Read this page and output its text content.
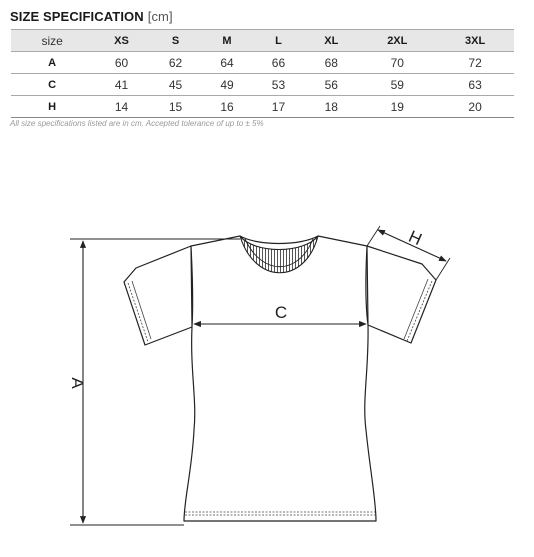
SIZE SPECIFICATION [cm]
size	XS	S	M	L	XL	2XL	3XL
A	60	62	64	66	68	70	72
C	41	45	49	53	56	59	63
H	14	15	16	17	18	19	20
All size specifications listed are in cm. Accepted tolerance of up to ± 5%
A
C
H
